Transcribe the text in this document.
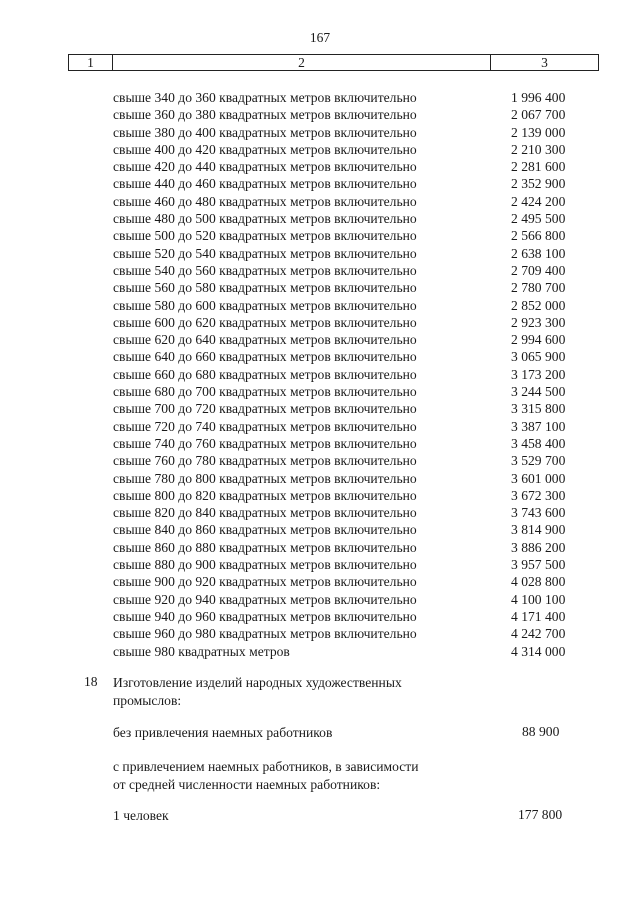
167
1	2	3
свыше 340 до 360 квадратных метров включительно	1 996 400
свыше 360 до 380 квадратных метров включительно	2 067 700
свыше 380 до 400 квадратных метров включительно	2 139 000
свыше 400 до 420 квадратных метров включительно	2 210 300
свыше 420 до 440 квадратных метров включительно	2 281 600
свыше 440 до 460 квадратных метров включительно	2 352 900
свыше 460 до 480 квадратных метров включительно	2 424 200
свыше 480 до 500 квадратных метров включительно	2 495 500
свыше 500 до 520 квадратных метров включительно	2 566 800
свыше 520 до 540 квадратных метров включительно	2 638 100
свыше 540 до 560 квадратных метров включительно	2 709 400
свыше 560 до 580 квадратных метров включительно	2 780 700
свыше 580 до 600 квадратных метров включительно	2 852 000
свыше 600 до 620 квадратных метров включительно	2 923 300
свыше 620 до 640 квадратных метров включительно	2 994 600
свыше 640 до 660 квадратных метров включительно	3 065 900
свыше 660 до 680 квадратных метров включительно	3 173 200
свыше 680 до 700 квадратных метров включительно	3 244 500
свыше 700 до 720 квадратных метров включительно	3 315 800
свыше 720 до 740 квадратных метров включительно	3 387 100
свыше 740 до 760 квадратных метров включительно	3 458 400
свыше 760 до 780 квадратных метров включительно	3 529 700
свыше 780 до 800 квадратных метров включительно	3 601 000
свыше 800 до 820 квадратных метров включительно	3 672 300
свыше 820 до 840 квадратных метров включительно	3 743 600
свыше 840 до 860 квадратных метров включительно	3 814 900
свыше 860 до 880 квадратных метров включительно	3 886 200
свыше 880 до 900 квадратных метров включительно	3 957 500
свыше 900 до 920 квадратных метров включительно	4 028 800
свыше 920 до 940 квадратных метров включительно	4 100 100
свыше 940 до 960 квадратных метров включительно	4 171 400
свыше 960 до 980 квадратных метров включительно	4 242 700
свыше 980 квадратных метров	4 314 000
18 Изготовление изделий народных художественных
промыслов:
без привлечения наемных работников	88 900
с привлечением наемных работников, в зависимости
от средней численности наемных работников:
1 человек	177 800
